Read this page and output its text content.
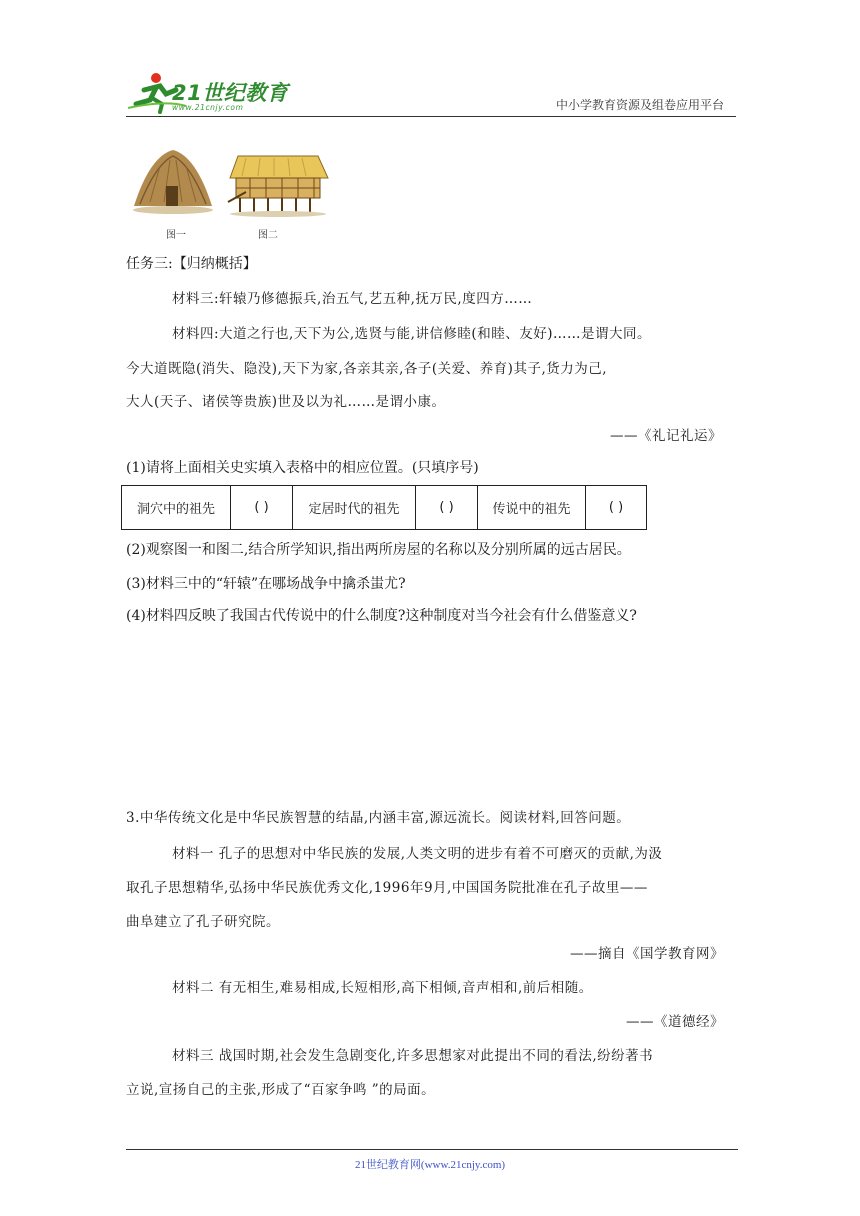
21世纪教育
www.21cnjy.com	中小学教育资源及组卷应用平台
图一	图二
任务三:【归纳概括】
材料三:轩辕乃修德振兵,治五气,艺五种,抚万民,度四方……
材料四:大道之行也,天下为公,选贤与能,讲信修睦(和睦、友好)……是谓大同。
今大道既隐(消失、隐没),天下为家,各亲其亲,各子(关爱、养育)其子,货力为己,
大人(天子、诸侯等贵族)世及以为礼……是谓小康。
——《礼记礼运》
(1)请将上面相关史实填入表格中的相应位置。(只填序号)
洞穴中的祖先	( )	定居时代的祖先	( )	传说中的祖先	( )
(2)观察图一和图二,结合所学知识,指出两所房屋的名称以及分别所属的远古居民。
(3)材料三中的“轩辕”在哪场战争中擒杀蚩尤?
(4)材料四反映了我国古代传说中的什么制度?这种制度对当今社会有什么借鉴意义?
3.中华传统文化是中华民族智慧的结晶,内涵丰富,源远流长。阅读材料,回答问题。
材料一 孔子的思想对中华民族的发展,人类文明的进步有着不可磨灭的贡献,为汲
取孔子思想精华,弘扬中华民族优秀文化,1996年9月,中国国务院批准在孔子故里——
曲阜建立了孔子研究院。
——摘自《国学教育网》
材料二 有无相生,难易相成,长短相形,高下相倾,音声相和,前后相随。
——《道德经》
材料三 战国时期,社会发生急剧变化,许多思想家对此提出不同的看法,纷纷著书
立说,宣扬自己的主张,形成了“百家争鸣 ”的局面。
21世纪教育网(www.21cnjy.com)
